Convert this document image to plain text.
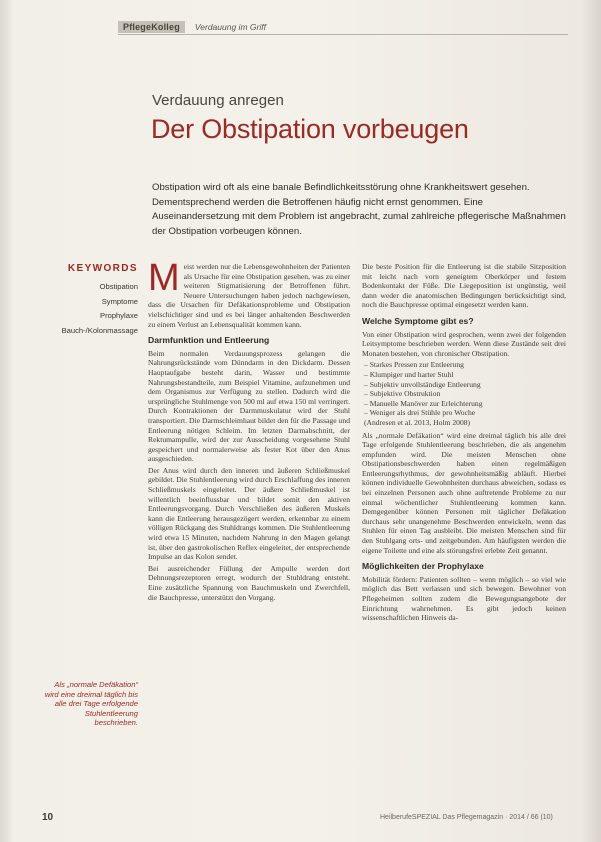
PflegeKolleg	Verdauung im Griff
Verdauung anregen
Der Obstipation vorbeugen
Obstipation wird oft als eine banale Befindlichkeitsstörung ohne Krankheitswert gesehen. Dementsprechend werden die Betroffenen häufig nicht ernst genommen. Eine Auseinandersetzung mit dem Problem ist angebracht, zumal zahlreiche pflegerische Maßnahmen der Obstipation vorbeugen können.
KEYWORDS
Obstipation
Symptome
Prophylaxe
Bauch-/Kolonmassage

Meist werden nur die Lebensgewohnheiten der Patienten als Ursache für eine Obstipation gesehen, was zu einer weiteren Stigmatisierung der Betroffenen führt. Neuere Untersuchungen haben jedoch nachgewiesen, dass die Ursachen für Defäkationsprobleme und Obstipation vielschichtiger sind und es bei länger anhaltenden Beschwerden zu einem Verlust an Lebensqualität kommen kann.

Darmfunktion und Entleerung

Beim normalen Verdauungsprozess gelangen die Nahrungsrückstände vom Dünndarm in den Dickdarm. Dessen Hauptaufgabe besteht darin, Wasser und bestimmte Nahrungsbestandteile, zum Beispiel Vitamine, aufzunehmen und dem Organismus zur Verfügung zu stellen. Dadurch wird die ursprüngliche Stuhlmenge von 500 ml auf etwa 150 ml verringert. Durch Kontraktionen der Darmmuskulatur wird der Stuhl transportiert. Die Darmschleimhaut bildet den für die Passage und Entleerung nötigen Schleim. Im letzten Darmabschnitt, der Rektumampulle, wird der zur Ausscheidung vorgesehene Stuhl gespeichert und normalerweise als fester Kot über den Anus ausgeschieden.

Der Anus wird durch den inneren und äußeren Schließmuskel gebildet. Die Stuhlentleerung wird durch Erschlaffung des inneren Schließmuskels eingeleitet. Der äußere Schließmuskel ist willentlich beeinflussbar und bildet somit den aktiven Entleerungsvorgang. Durch Verschließen des äußeren Muskels kann die Entleerung herausgezögert werden, erkennbar zu einem völligen Rückgang des Stuhldrangs kommen. Die Stuhlentleerung wird etwa 15 Minuten, nachdem Nahrung in den Magen gelangt ist, über den gastrokolischen Reflex eingeleitet, der entsprechende Impulse an das Kolon sendet.

Bei ausreichender Füllung der Ampulle werden dort Dehnungsrezeptoren erregt, wodurch der Stuhldrang entsteht. Eine zusätzliche Spannung von Bauchmuskeln und Zwerchfell, die Bauchpresse, unterstützt den Vorgang.

Die beste Position für die Entleerung ist die stabile Sitzposition mit leicht nach vorn geneigtem Oberkörper und festem Bodenkontakt der Füße. Die Liegeposition ist ungünstig, weil dann weder die anatomischen Bedingungen berücksichtigt sind, noch die Bauchpresse optimal eingesetzt werden kann.

Welche Symptome gibt es?

Von einer Obstipation wird gesprochen, wenn zwei der folgenden Leitsymptome beschrieben werden. Wenn diese Zustände seit drei Monaten bestehen, von chronischer Obstipation.

– Starkes Pressen zur Entleerung
– Klumpiger und harter Stuhl
– Subjektiv unvollständige Entleerung
– Subjektive Obstruktion
– Manuelle Manöver zur Erleichterung
– Weniger als drei Stühle pro Woche
(Andresen et al. 2013, Holm 2008)

Als „normale Defäkation“ wird eine dreimal täglich bis alle drei Tage erfolgende Stuhlentleerung beschrieben, die als angenehm empfunden wird. Die meisten Menschen ohne Obstipationsbeschwerden haben einen regelmäßigen Entleerungsrhythmus, der gewohnheitsmäßig abläuft. Hierbei können individuelle Gewohnheiten durchaus abweichen, sodass es bei einzelnen Personen auch ohne auftretende Probleme zu nur einmal wöchentlicher Stuhlentleerung kommen kann. Demgegenüber können Personen mit täglicher Defäkation durchaus sehr unangenehme Beschwerden entwickeln, wenn das Stuhlen für einen Tag ausbleibt. Die meisten Menschen sind für den Stuhlgang orts- und zeitgebunden. Am häufigsten werden die eigene Toilette und eine als störungsfrei erlebte Zeit genannt.

Möglichkeiten der Prophylaxe

Mobilität fördern: Patienten sollten – wenn möglich – so viel wie möglich das Bett verlassen und sich bewegen. Bewohner von Pflegeheimen sollten zudem die Bewegungsangebote der Einrichtung wahrnehmen. Es gibt jedoch keinen wissenschaftlichen Hinweis da-

Als „normale Defäkation“ wird eine dreimal täglich bis alle drei Tage erfolgende Stuhlentleerung beschrieben.
10	HeilberufeSPEZIAL Das Pflegemagazin · 2014 / 66 (10)
